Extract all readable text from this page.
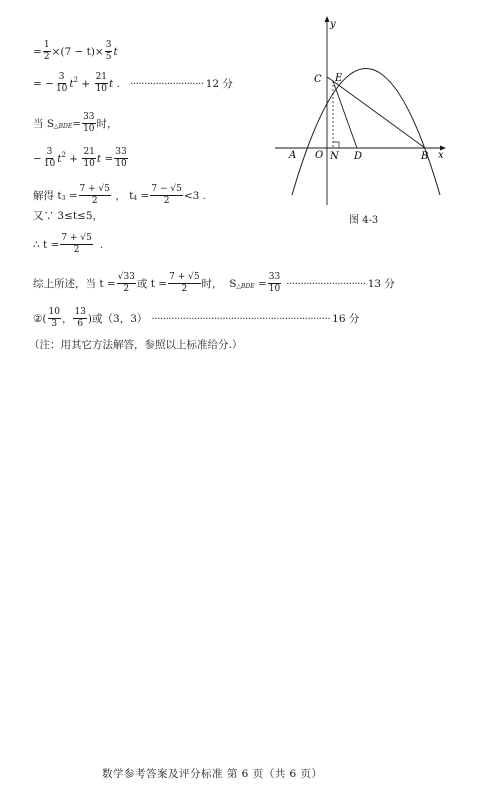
= $\frac{1}{2} \times(7 - t)\times \frac{3}{5}$ t
= − $\frac{3}{10}$ t $2 + \frac{21}{10}$ t . ·························· 12 分
当 S △BDE = $\frac{33}{10}$ 时，
− $\frac{3}{10}$ t $2 + \frac{21}{10}$ $t = \frac{33}{10}$
解得 t $3 = \frac{7 + √5}{2}$ ， t $4 = \frac{7 - √5}{2} <3$ .
又∵ 3≤t≤5，
∴ $t = \frac{7 + √5}{2}$ .
综上所述，当 $t = \frac{√33}{2}$ 或 $t = \frac{7 + √5}{2}$ 时，  S △BDE = $\frac{33}{10}$ ···························· 13 分
②( $\frac{10}{3}$ ， $\frac{13}{6}$ )或（3，3） ······························································· 16 分
（注：用其它方法解答，参照以上标准给分.）
y
x
A O N D	B
C E
图 4-3
数学参考答案及评分标准 第 6 页（共 6 页）
